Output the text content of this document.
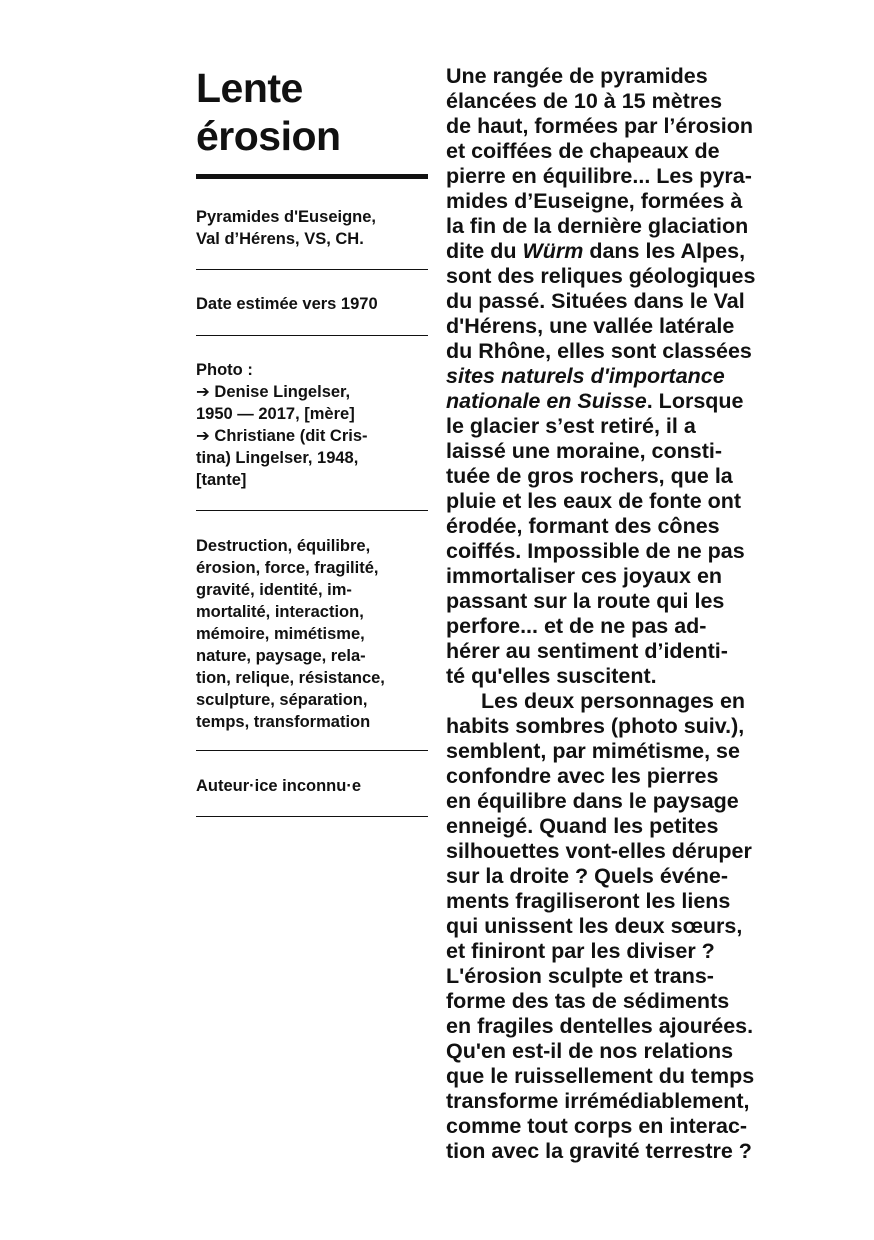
Lente
érosion
Pyramides d'Euseigne,
Val d’Hérens, VS, CH.
Date estimée vers 1970
Photo :
➔ Denise Lingelser,
1950 — 2017, [mère]
➔ Christiane (dit Cris-
tina) Lingelser, 1948,
[tante]
Destruction, équilibre,
érosion, force, fragilité,
gravité, identité, im-
mortalité, interaction,
mémoire, mimétisme,
nature, paysage, rela-
tion, relique, résistance,
sculpture, séparation,
temps, transformation
Auteur·ice inconnu·e
Une rangée de pyramides
élancées de 10 à 15 mètres
de haut, formées par l’érosion
et coiffées de chapeaux de
pierre en équilibre... Les pyra-
mides d’Euseigne, formées à
la fin de la dernière glaciation
dite du Würm dans les Alpes,
sont des reliques géologiques
du passé. Situées dans le Val
d'Hérens, une vallée latérale
du Rhône, elles sont classées
sites naturels d'importance
nationale en Suisse. Lorsque
le glacier s’est retiré, il a
laissé une moraine, consti-
tuée de gros rochers, que la
pluie et les eaux de fonte ont
érodée, formant des cônes
coiffés. Impossible de ne pas
immortaliser ces joyaux en
passant sur la route qui les
perfore... et de ne pas ad-
hérer au sentiment d’identi-
té qu'elles suscitent.
Les deux personnages en
habits sombres (photo suiv.),
semblent, par mimétisme, se
confondre avec les pierres
en équilibre dans le paysage
enneigé. Quand les petites
silhouettes vont-elles déruper
sur la droite ? Quels événe-
ments fragiliseront les liens
qui unissent les deux sœurs,
et finiront par les diviser ?
L'érosion sculpte et trans-
forme des tas de sédiments
en fragiles dentelles ajourées.
Qu'en est-il de nos relations
que le ruissellement du temps
transforme irrémédiablement,
comme tout corps en interac-
tion avec la gravité terrestre ?
